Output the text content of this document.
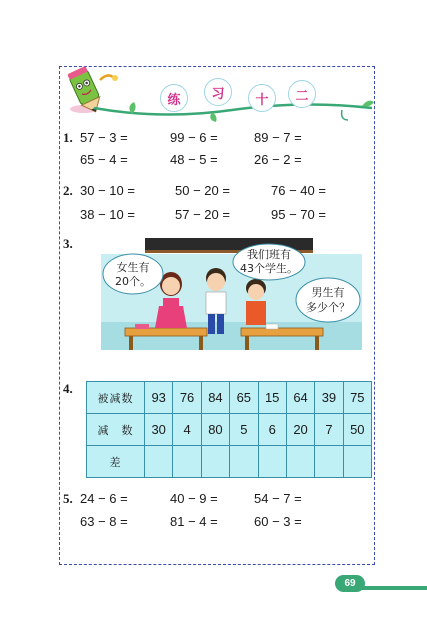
练	习	十	二
1. 57 − 3 =	99 − 6 =	89 − 7 =
65 − 4 =	48 − 5 =	26 − 2 =
2. 30 − 10 =	50 − 20 =	76 − 40 =
38 − 10 =	57 − 20 =	95 − 70 =
3.
女生有
20个。
我们班有
43个学生。
男生有
多少个？
4.
被减数	93	76	84	65	15	64	39	75
减　数	30	4	80	5	6	20	7	50
差								
5. 24 − 6 =	40 − 9 =	54 − 7 =
63 − 8 =	81 − 4 =	60 − 3 =
69
